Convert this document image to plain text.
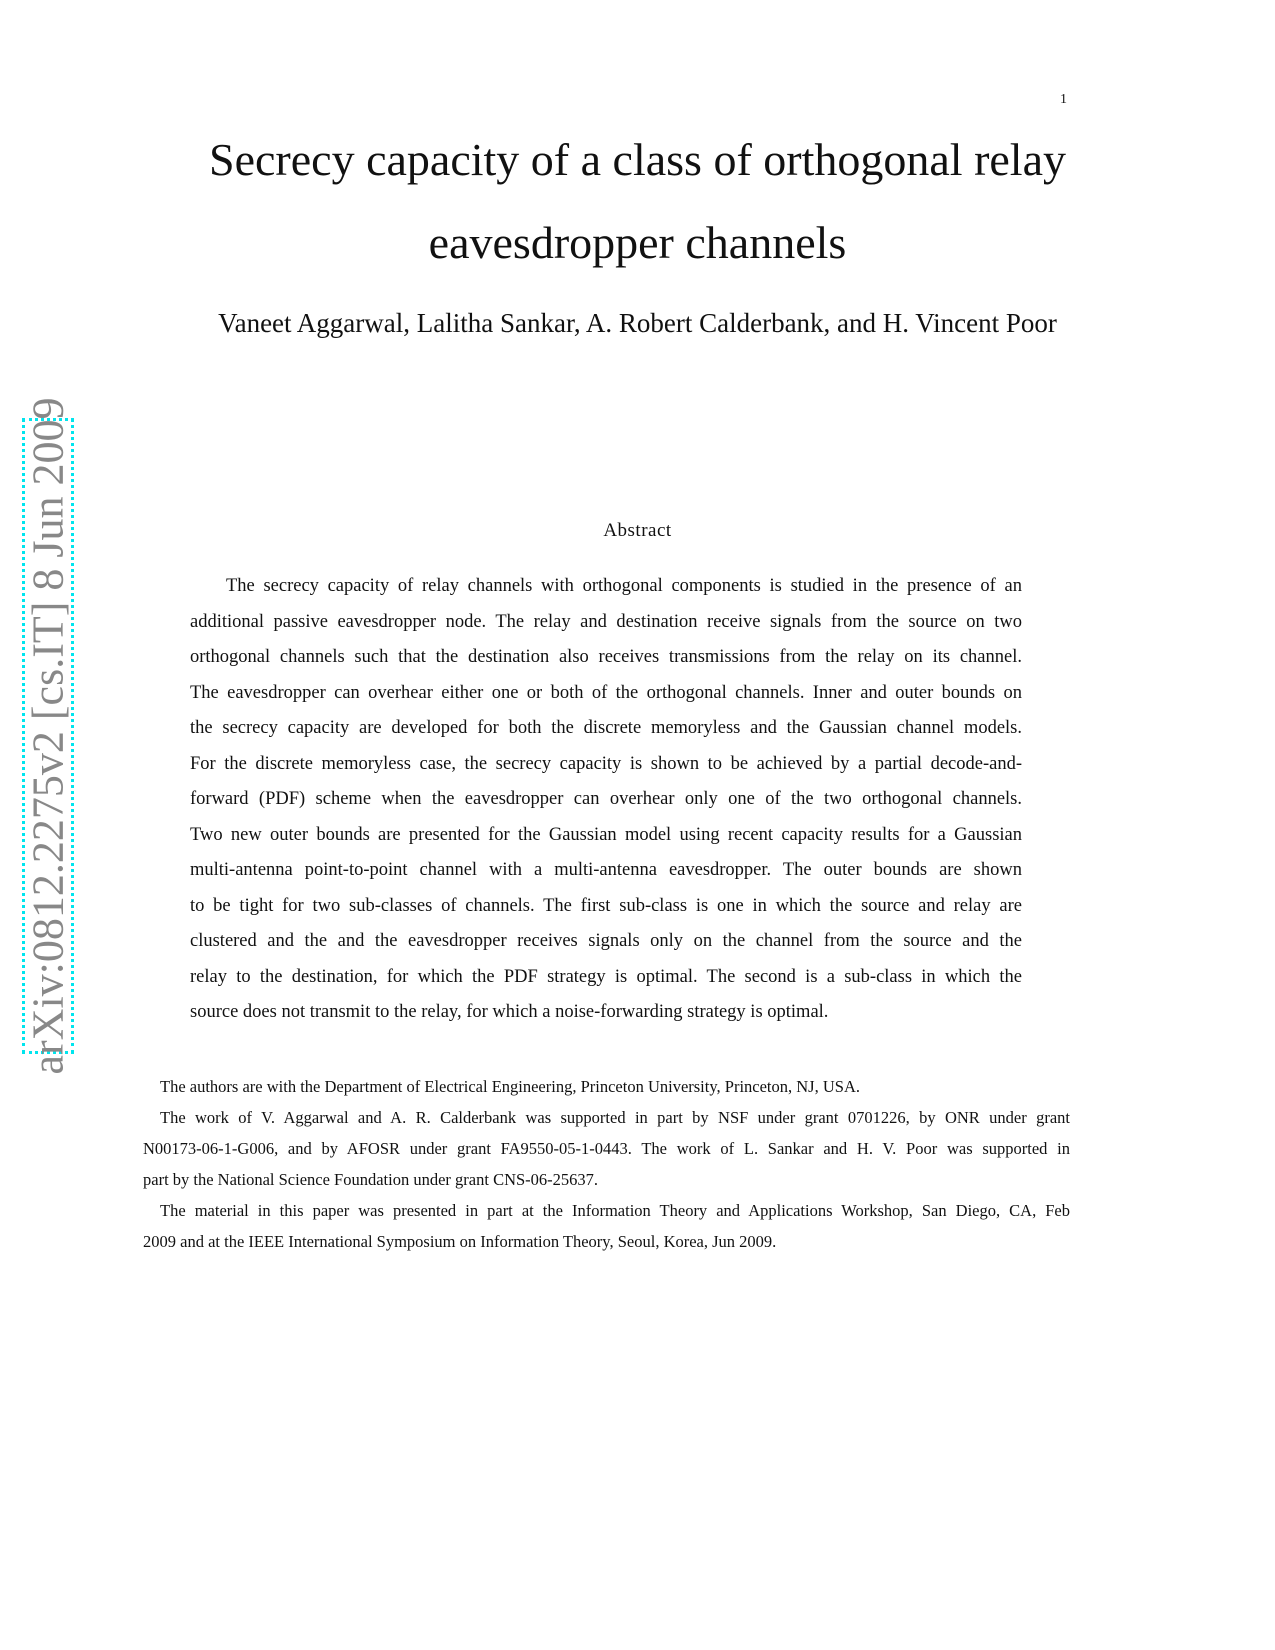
arXiv:0812.2275v2 [cs.IT] 8 Jun 2009
1
Secrecy capacity of a class of orthogonal relay
eavesdropper channels
Vaneet Aggarwal, Lalitha Sankar, A. Robert Calderbank, and H. Vincent Poor
Abstract
The secrecy capacity of relay channels with orthogonal components is studied in the presence of an
additional passive eavesdropper node. The relay and destination receive signals from the source on two
orthogonal channels such that the destination also receives transmissions from the relay on its channel.
The eavesdropper can overhear either one or both of the orthogonal channels. Inner and outer bounds on
the secrecy capacity are developed for both the discrete memoryless and the Gaussian channel models.
For the discrete memoryless case, the secrecy capacity is shown to be achieved by a partial decode-and-
forward (PDF) scheme when the eavesdropper can overhear only one of the two orthogonal channels.
Two new outer bounds are presented for the Gaussian model using recent capacity results for a Gaussian
multi-antenna point-to-point channel with a multi-antenna eavesdropper. The outer bounds are shown
to be tight for two sub-classes of channels. The first sub-class is one in which the source and relay are
clustered and the and the eavesdropper receives signals only on the channel from the source and the
relay to the destination, for which the PDF strategy is optimal. The second is a sub-class in which the
source does not transmit to the relay, for which a noise-forwarding strategy is optimal.
The authors are with the Department of Electrical Engineering, Princeton University, Princeton, NJ, USA.
The work of V. Aggarwal and A. R. Calderbank was supported in part by NSF under grant 0701226, by ONR under grant
N00173-06-1-G006, and by AFOSR under grant FA9550-05-1-0443. The work of L. Sankar and H. V. Poor was supported in
part by the National Science Foundation under grant CNS-06-25637.
The material in this paper was presented in part at the Information Theory and Applications Workshop, San Diego, CA, Feb
2009 and at the IEEE International Symposium on Information Theory, Seoul, Korea, Jun 2009.
